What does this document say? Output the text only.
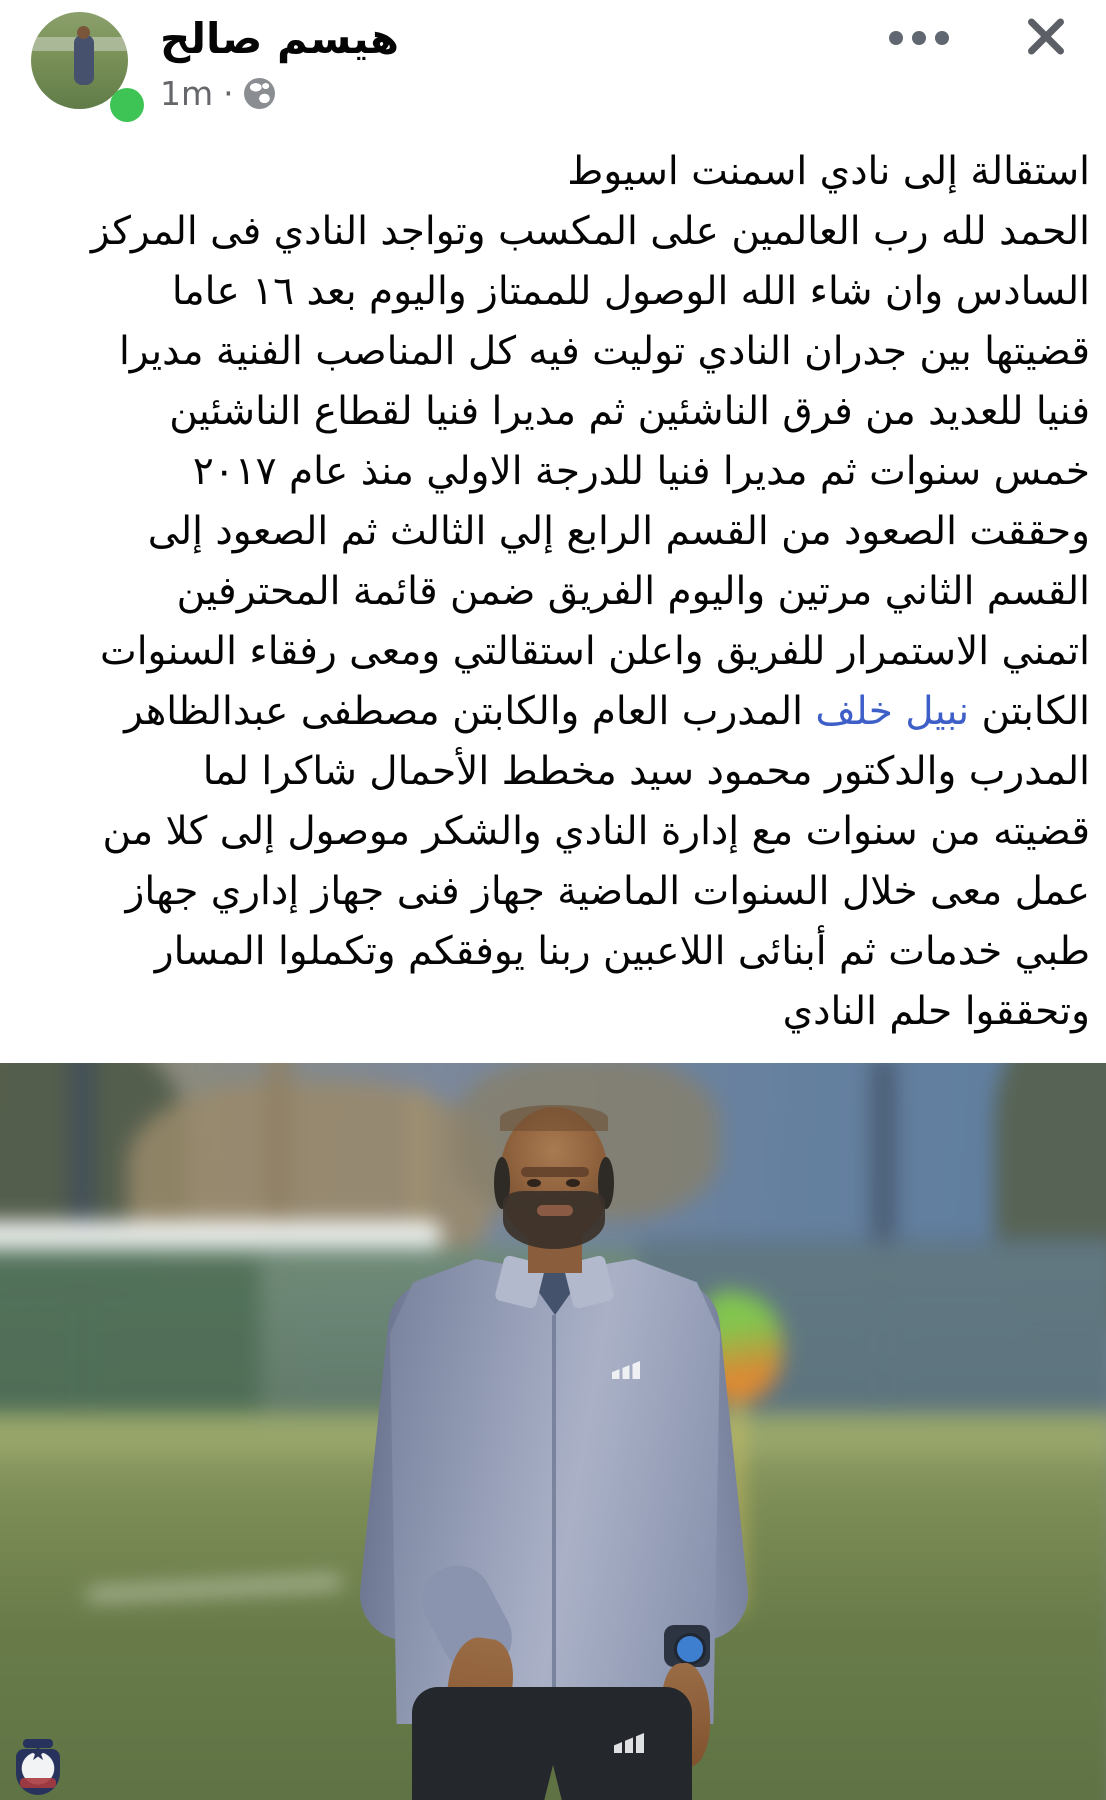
هيسم صالح
1m ·
استقالة إلى نادي اسمنت اسيوط
الحمد لله رب العالمين على المكسب وتواجد النادي فى المركز
السادس وان شاء الله الوصول للممتاز واليوم بعد ١٦ عاما
قضيتها بين جدران النادي توليت فيه كل المناصب الفنية مديرا
فنيا للعديد من فرق الناشئين ثم مديرا فنيا لقطاع الناشئين
خمس سنوات ثم مديرا فنيا للدرجة الاولي منذ عام ٢٠١٧
وحققت الصعود من القسم الرابع إلي الثالث ثم الصعود إلى
القسم الثاني مرتين واليوم الفريق ضمن قائمة المحترفين
اتمني الاستمرار للفريق واعلن استقالتي ومعى رفقاء السنوات
الكابتن نبيل خلف المدرب العام والكابتن مصطفى عبدالظاهر
المدرب والدكتور محمود سيد مخطط الأحمال شاكرا لما
قضيته من سنوات مع إدارة النادي والشكر موصول إلى كلا من
عمل معى خلال السنوات الماضية جهاز فنى جهاز إداري جهاز
طبي خدمات ثم أبنائى اللاعبين ربنا يوفقكم وتكملوا المسار
وتحققوا حلم النادي
★
